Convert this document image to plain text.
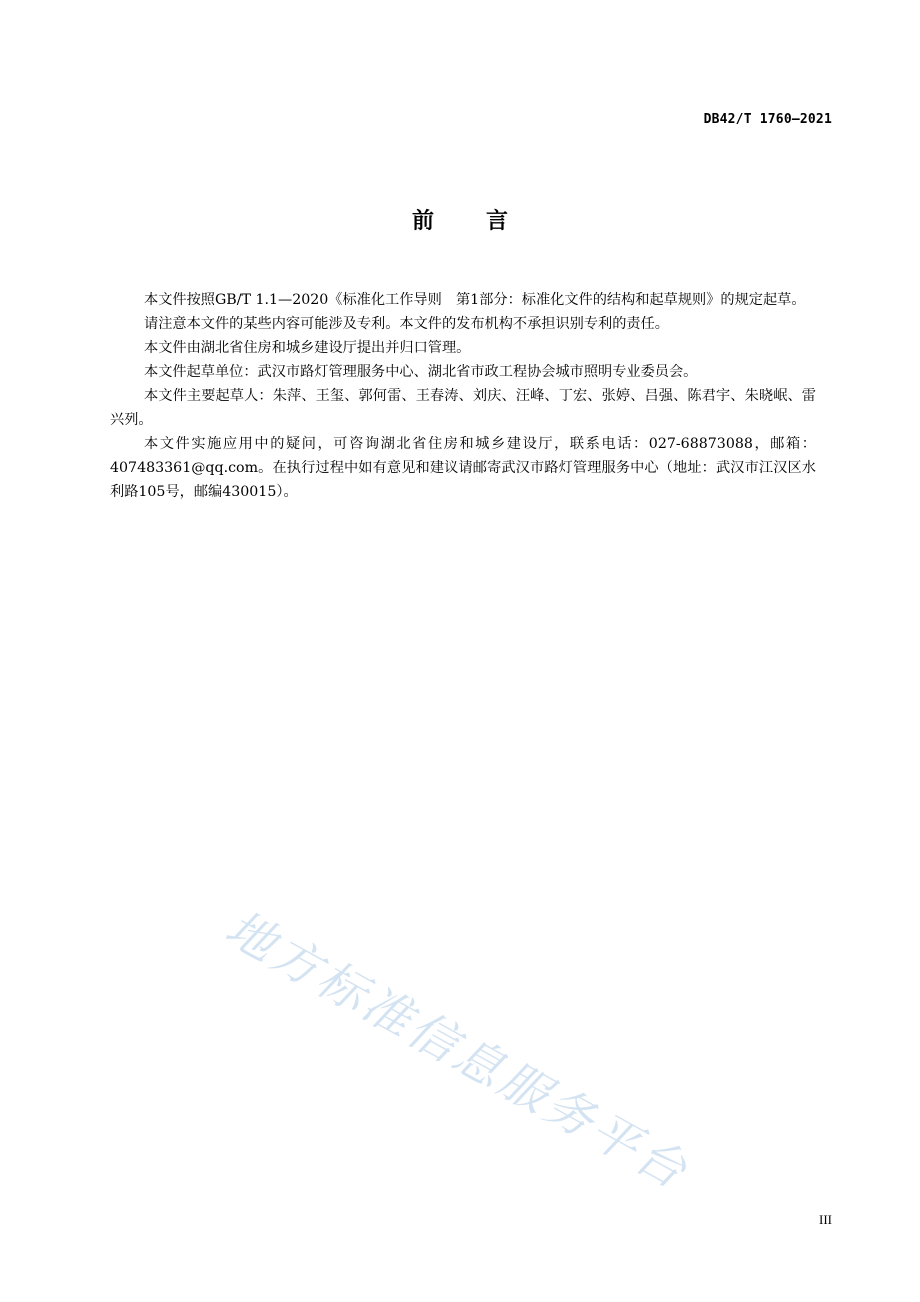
DB42/T 1760—2021
前言

本文件按照GB/T 1.1—2020《标准化工作导则　第1部分：标准化文件的结构和起草规则》的规定起草。

请注意本文件的某些内容可能涉及专利。本文件的发布机构不承担识别专利的责任。

本文件由湖北省住房和城乡建设厅提出并归口管理。

本文件起草单位：武汉市路灯管理服务中心、湖北省市政工程协会城市照明专业委员会。

本文件主要起草人：朱萍、王玺、郭何雷、王春涛、刘庆、汪峰、丁宏、张婷、吕强、陈君宇、朱晓岷、雷兴列。

本文件实施应用中的疑问，可咨询湖北省住房和城乡建设厅，联系电话：027-68873088，邮箱：407483361@qq.com。在执行过程中如有意见和建议请邮寄武汉市路灯管理服务中心（地址：武汉市江汉区水利路105号，邮编430015）。

地方标准信息服务平台
III
